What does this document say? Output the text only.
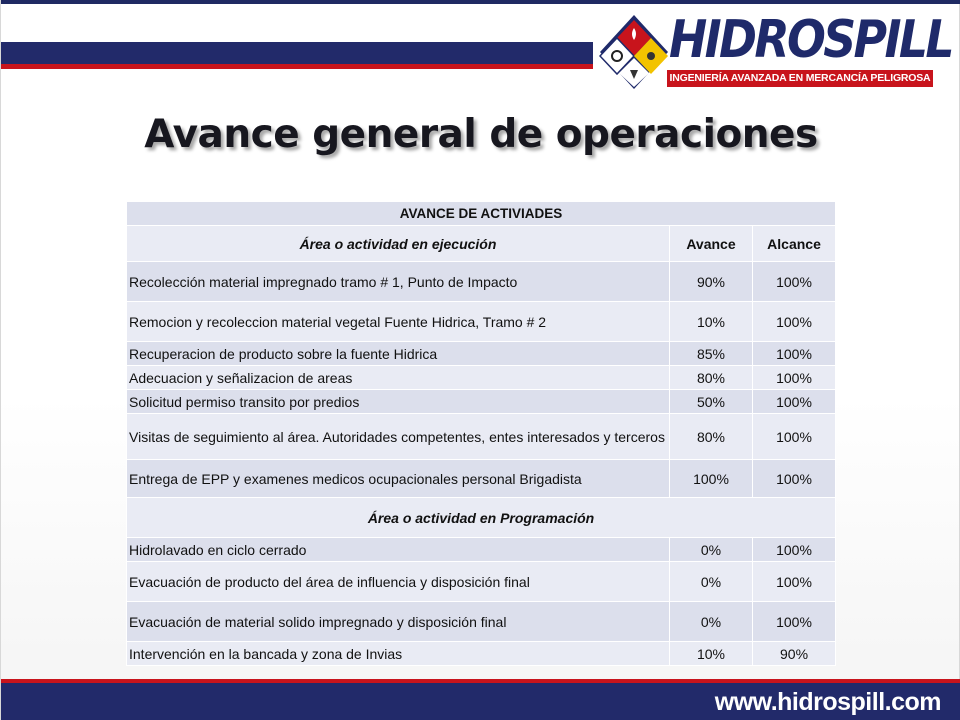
HIDROSPILL
INGENIERÍA AVANZADA EN MERCANCÍA PELIGROSA
Avance general de operaciones
AVANCE DE ACTIVIADES		
Área o actividad en ejecución	Avance	Alcance
Recolección material impregnado tramo # 1, Punto de Impacto	90%	100%
Remocion y recoleccion material vegetal Fuente Hidrica, Tramo # 2	10%	100%
Recuperacion de producto sobre la fuente Hidrica	85%	100%
Adecuacion y señalizacion de areas	80%	100%
Solicitud permiso transito por predios	50%	100%
Visitas de seguimiento al área. Autoridades competentes, entes interesados y terceros	80%	100%
Entrega de EPP y examenes medicos ocupacionales personal Brigadista	100%	100%
Área o actividad en Programación		
Hidrolavado en ciclo cerrado	0%	100%
Evacuación de producto del área de influencia y disposición final	0%	100%
Evacuación de material solido impregnado y disposición final	0%	100%
Intervención en la bancada y zona de Invias	10%	90%
www.hidrospill.com
